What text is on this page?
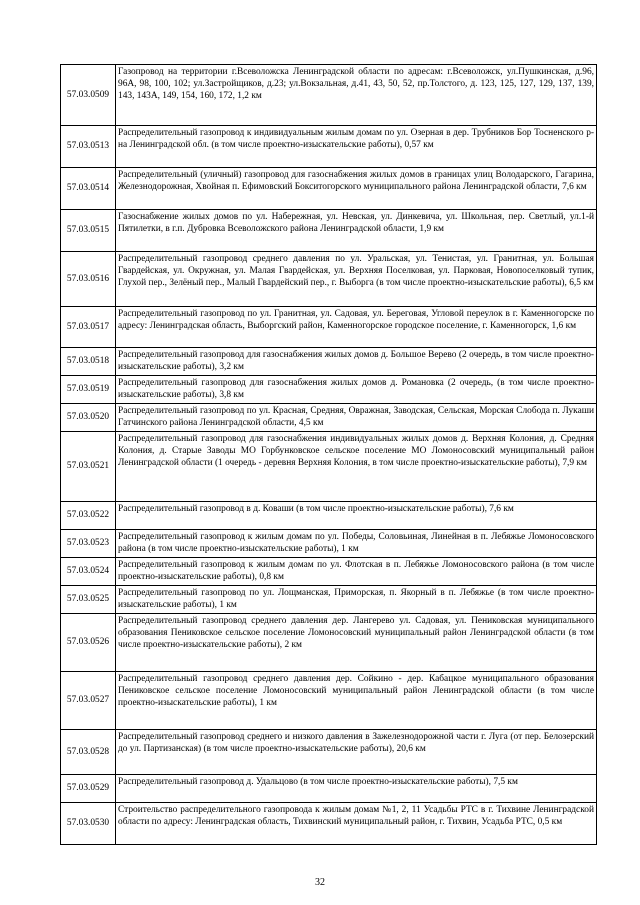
57.03.0509	Газопровод на территории г.Всеволожска Ленинградской области по адресам: г.Всеволожск, ул.Пушкинская, д.96, 96А, 98, 100, 102; ул.Застройщиков, д.23; ул.Вокзальная, д.41, 43, 50, 52, пр.Толстого, д. 123, 125, 127, 129, 137, 139, 143, 143А, 149, 154, 160, 172, 1,2 км
57.03.0513	Распределительный газопровод к индивидуальным жилым домам по ул. Озерная в дер. Трубников Бор Тосненского р-на Ленинградской обл. (в том числе проектно-изыскательские работы), 0,57 км
57.03.0514	Распределительный (уличный) газопровод для газоснабжения жилых домов в границах улиц Володарского, Гагарина, Железнодорожная, Хвойная п. Ефимовский Бокситогорского муниципального района Ленинградской области, 7,6 км
57.03.0515	Газоснабжение жилых домов по ул. Набережная, ул. Невская, ул. Динкевича, ул. Школьная, пер. Светлый, ул.1-й Пятилетки, в г.п. Дубровка Всеволожского района Ленинградской области, 1,9 км
57.03.0516	Распределительный газопровод среднего давления по ул. Уральская, ул. Тенистая, ул. Гранитная, ул. Большая Гвардейская, ул. Окружная, ул. Малая Гвардейская, ул. Верхняя Поселковая, ул. Парковая, Новопоселковый тупик, Глухой пер., Зелёный пер., Малый Гвардейский пер., г. Выборга (в том числе проектно-изыскательские работы), 6,5 км
57.03.0517	Распределительный газопровод по ул. Гранитная, ул. Садовая, ул. Береговая, Угловой переулок в г. Каменногорске по адресу: Ленинградская область, Выборгский район, Каменногорское городское поселение, г. Каменногорск, 1,6 км
57.03.0518	Распределительный газопровод для газоснабжения жилых домов д. Большое Верево (2 очередь, в том числе проектно-изыскательские работы), 3,2 км
57.03.0519	Распределительный газопровод для газоснабжения жилых домов д. Романовка (2 очередь, (в том числе проектно-изыскательские работы), 3,8 км
57.03.0520	Распределительный газопровод по ул. Красная, Средняя, Овражная, Заводская, Сельская, Морская Слобода п. Лукаши Гатчинского района Ленинградской области, 4,5 км
57.03.0521	Распределительный газопровод для газоснабжения индивидуальных жилых домов д. Верхняя Колония, д. Средняя Колония, д. Старые Заводы МО Горбунковское сельское поселение МО Ломоносовский муниципальный район Ленинградской области (1 очередь - деревня Верхняя Колония, в том числе проектно-изыскательские работы), 7,9 км
57.03.0522	Распределительный газопровод в д. Коваши (в том числе проектно-изыскательские работы), 7,6 км
57.03.0523	Распределительный газопровод к жилым домам по ул. Победы, Соловьиная, Линейная в п. Лебяжье Ломоносовского района (в том числе проектно-изыскательские работы), 1 км
57.03.0524	Распределительный газопровод к жилым домам по ул. Флотская в п. Лебяжье Ломоносовского района (в том числе проектно-изыскательские работы), 0,8 км
57.03.0525	Распределительный газопровод по ул. Лощманская, Приморская, п. Якорный в п. Лебяжье (в том числе проектно-изыскательские работы), 1 км
57.03.0526	Распределительный газопровод среднего давления дер. Лангерево ул. Садовая, ул. Пениковская муниципального образования Пениковское сельское поселение Ломоносовский муниципальный район Ленинградской области (в том числе проектно-изыскательские работы), 2 км
57.03.0527	Распределительный газопровод среднего давления дер. Сойкино - дер. Кабацкое муниципального образования Пениковское сельское поселение Ломоносовский муниципальный район Ленинградской области (в том числе проектно-изыскательские работы), 1 км
57.03.0528	Распределительный газопровод среднего и низкого давления в Зажелезнодорожной части г. Луга (от пер. Белозерский до ул. Партизанская) (в том числе проектно-изыскательские работы), 20,6 км
57.03.0529	Распределительный газопровод д. Удальцово (в том числе проектно-изыскательские работы), 7,5 км
57.03.0530	Строительство распределительного газопровода к жилым домам №1, 2, 11 Усадьбы РТС в г. Тихвине Ленинградской области по адресу: Ленинградская область, Тихвинский муниципальный район, г. Тихвин, Усадьба РТС, 0,5 км
32
